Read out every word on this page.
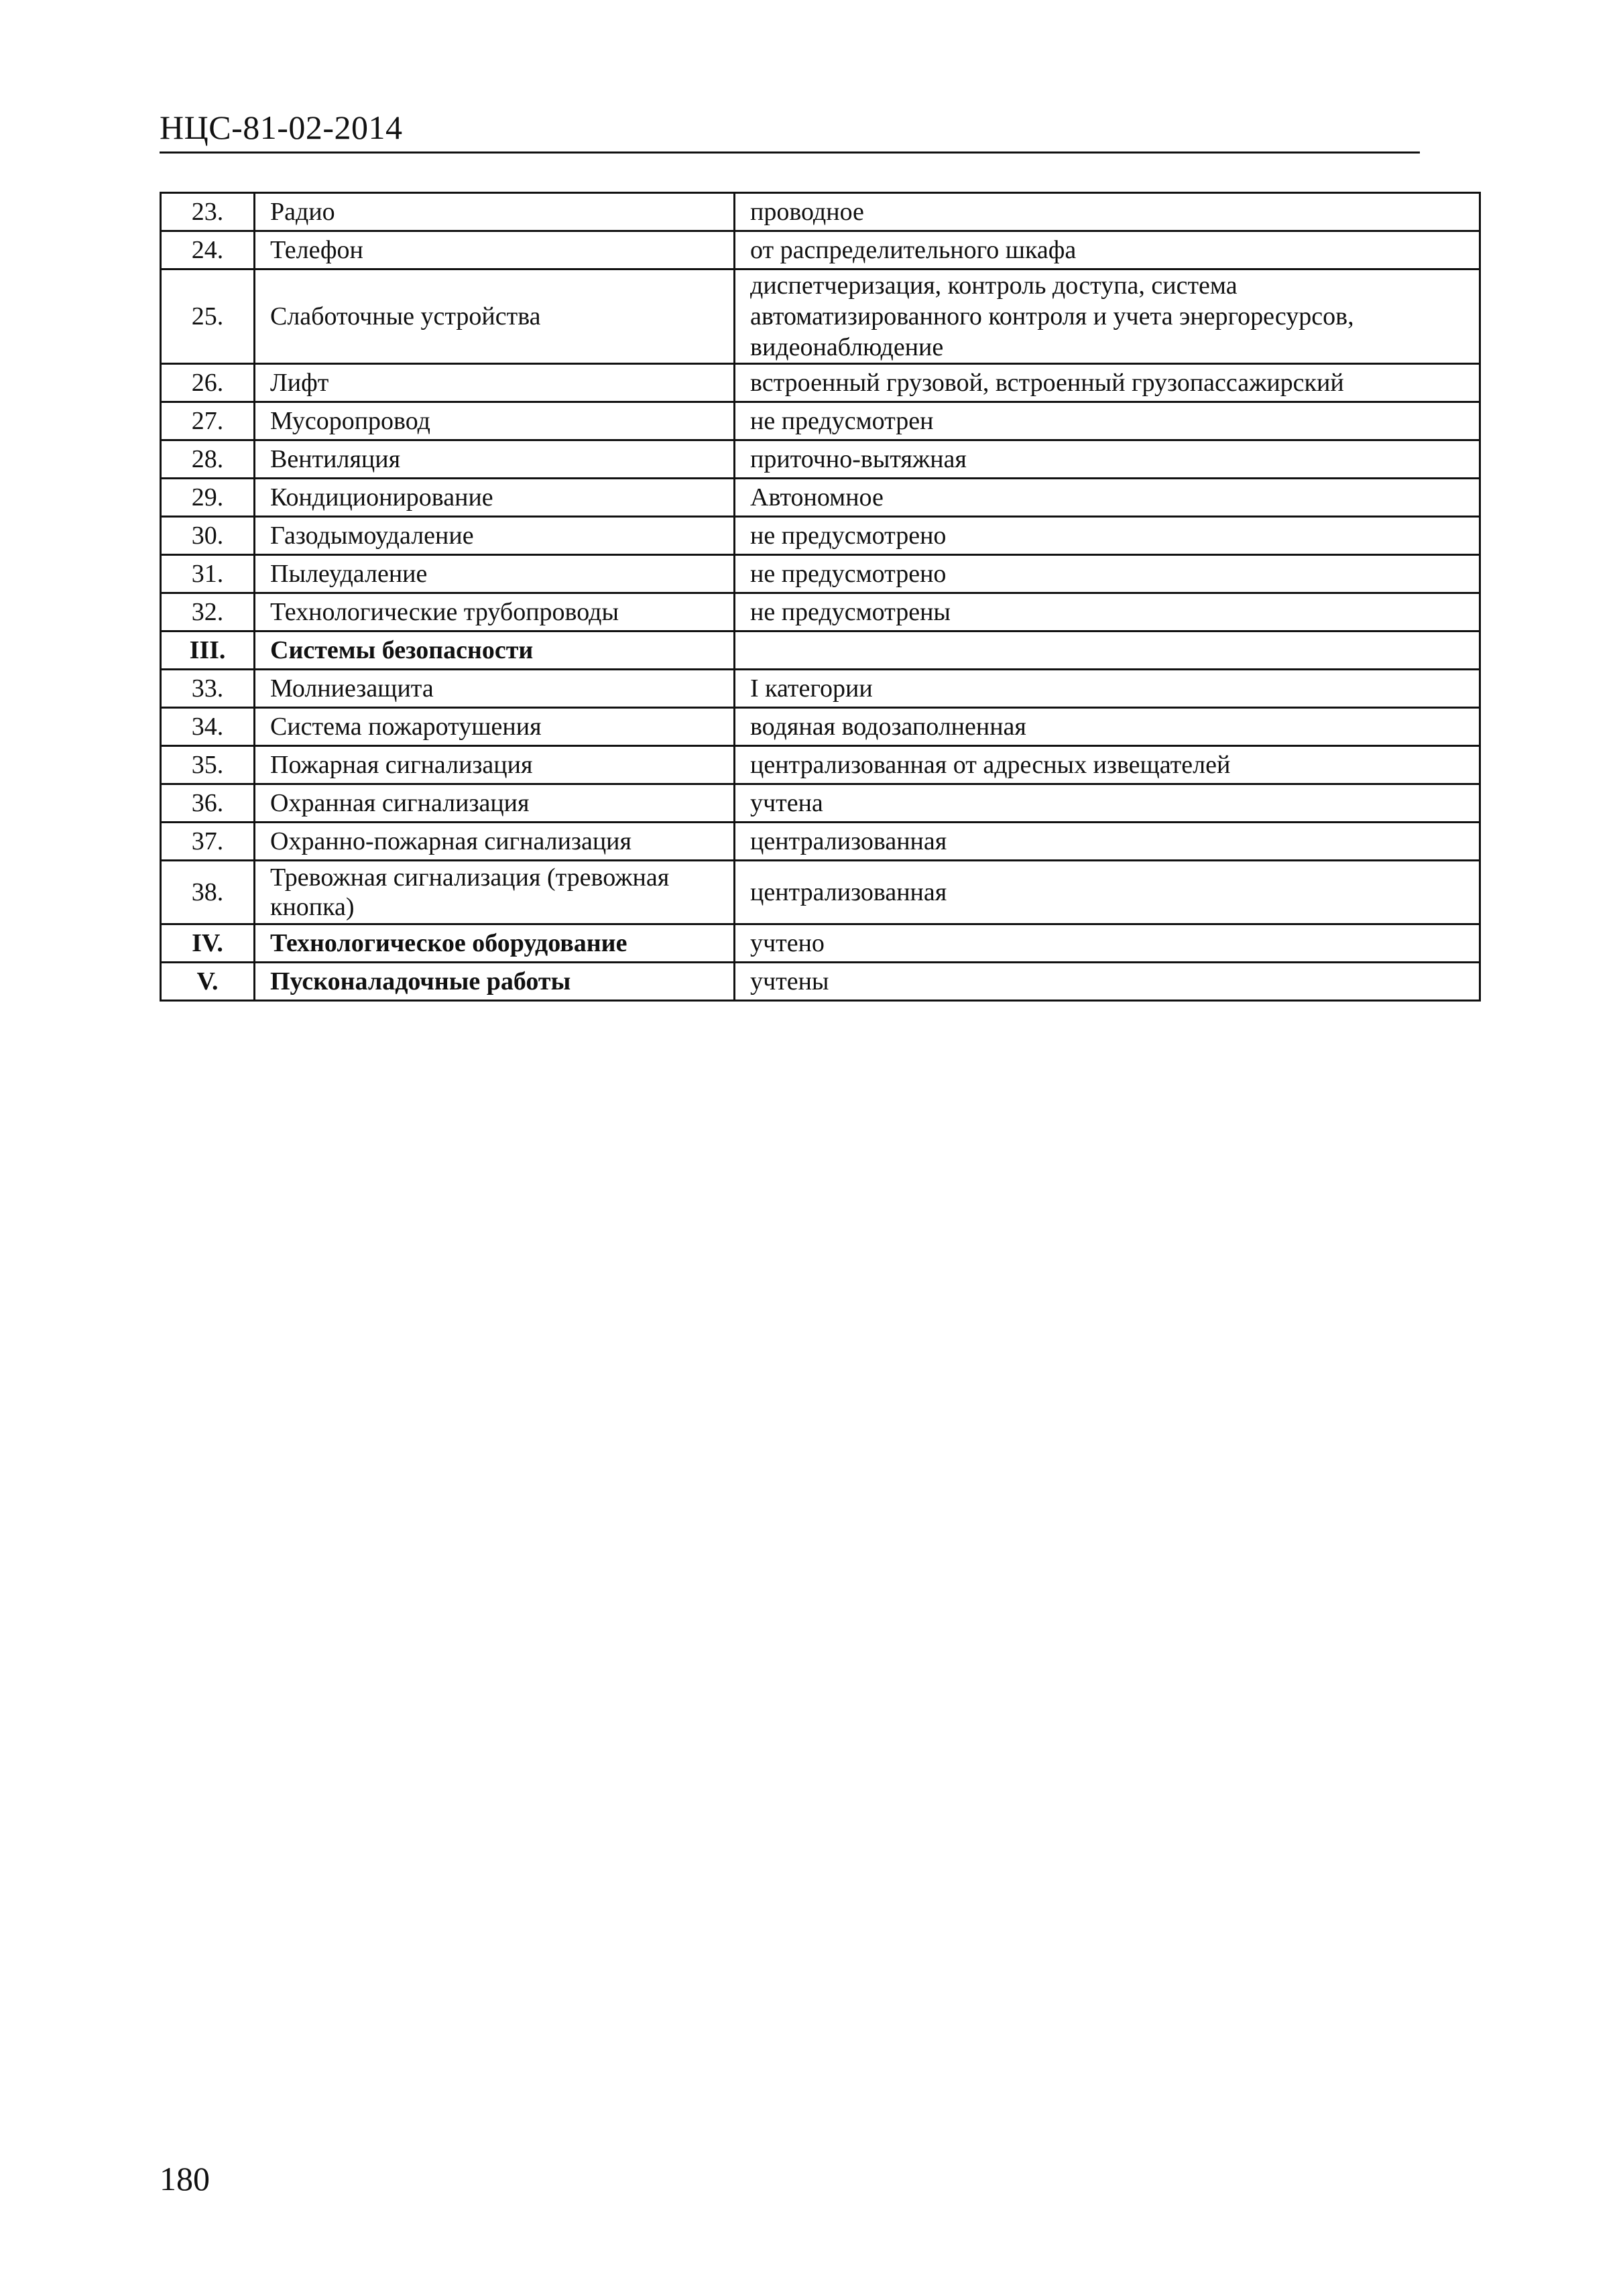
НЦС-81-02-2014
23.	Радио	проводное
24.	Телефон	от распределительного шкафа
25.	Слаботочные устройства	диспетчеризация, контроль доступа, система автоматизированного контроля и учета энергоресурсов, видеонаблюдение
26.	Лифт	встроенный грузовой, встроенный грузопассажирский
27.	Мусоропровод	не предусмотрен
28.	Вентиляция	приточно-вытяжная
29.	Кондиционирование	Автономное
30.	Газодымоудаление	не предусмотрено
31.	Пылеудаление	не предусмотрено
32.	Технологические трубопроводы	не предусмотрены
III.	Системы безопасности	
33.	Молниезащита	I категории
34.	Система пожаротушения	водяная водозаполненная
35.	Пожарная сигнализация	централизованная от адресных извещателей
36.	Охранная сигнализация	учтена
37.	Охранно-пожарная сигнализация	централизованная
38.	Тревожная сигнализация (тревожная кнопка)	централизованная
IV.	Технологическое оборудование	учтено
V.	Пусконаладочные работы	учтены
180
